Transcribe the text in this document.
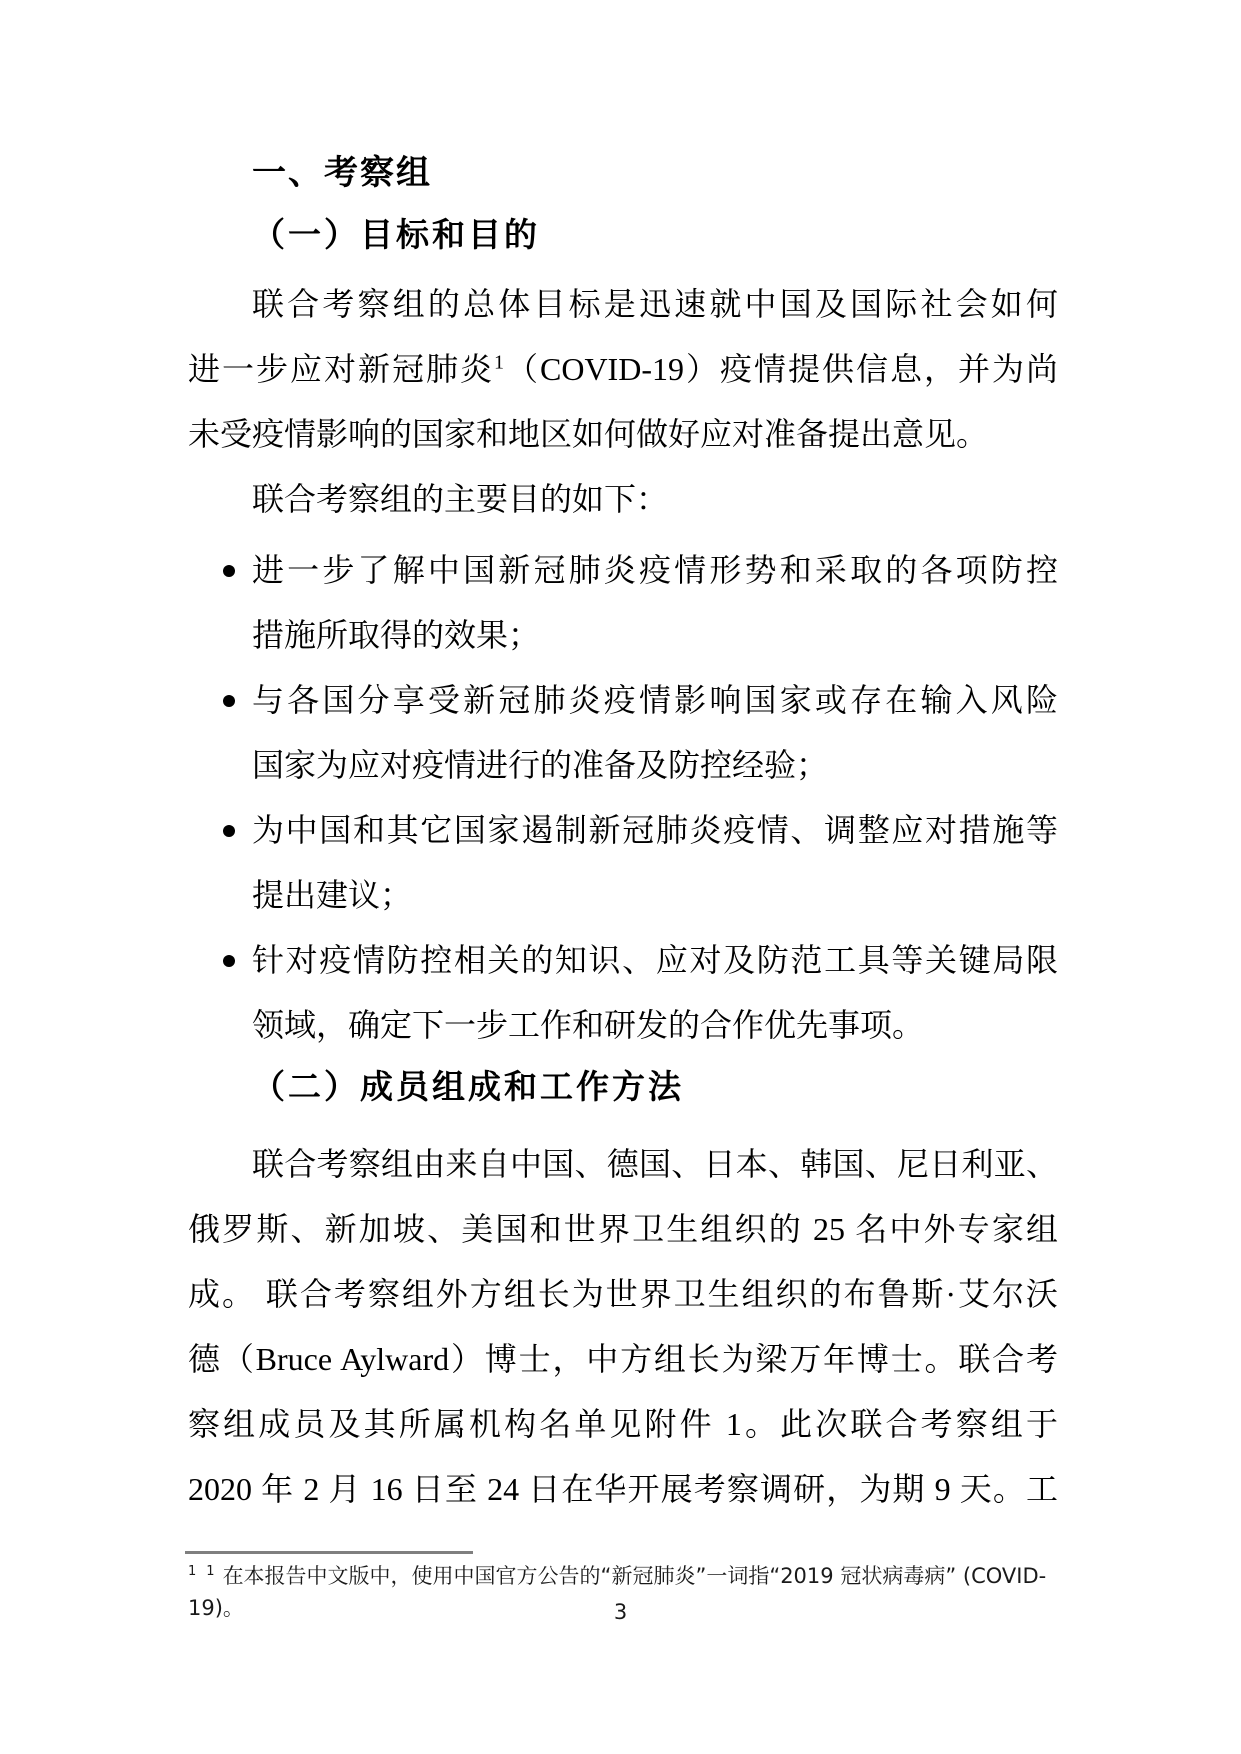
一、考察组
（一）目标和目的
联合考察组的总体目标是迅速就中国及国际社会如何
进一步应对新冠肺炎$^1$（COVID-19）疫情提供信息，并为尚
未受疫情影响的国家和地区如何做好应对准备提出意见。
联合考察组的主要目的如下：
进一步了解中国新冠肺炎疫情形势和采取的各项防控
措施所取得的效果；
与各国分享受新冠肺炎疫情影响国家或存在输入风险
国家为应对疫情进行的准备及防控经验；
为中国和其它国家遏制新冠肺炎疫情、调整应对措施等
提出建议；
针对疫情防控相关的知识、应对及防范工具等关键局限
领域，确定下一步工作和研发的合作优先事项。
（二）成员组成和工作方法
联合考察组由来自中国、德国、日本、韩国、尼日利亚、
俄罗斯、新加坡、美国和世界卫生组织的 25 名中外专家组
成。 联合考察组外方组长为世界卫生组织的布鲁斯·艾尔沃
德（Bruce Aylward）博士，中方组长为梁万年博士。联合考
察组成员及其所属机构名单见附件 1。此次联合考察组于
2020 年 2 月 16 日至 24 日在华开展考察调研，为期 9 天。工
$^1$ $^1$ 在本报告中文版中，使用中国官方公告的“新冠肺炎”一词指“2019 冠状病毒病” (COVID-19)。	3
